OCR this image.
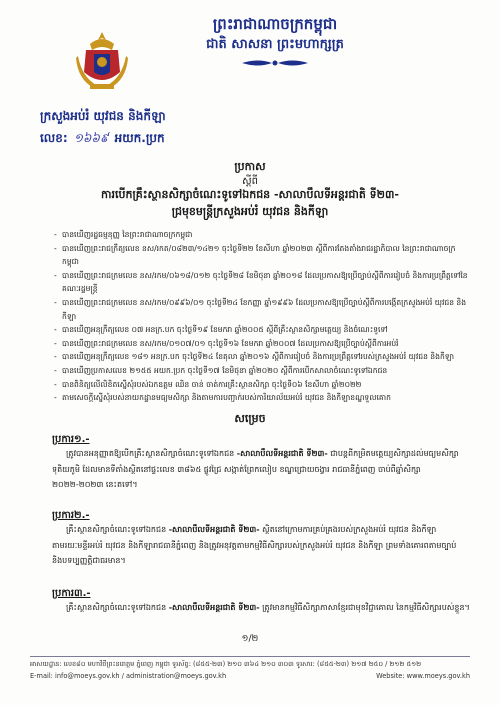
ព្រះរាជាណាចក្រកម្ពុជា
ជាតិ សាសនា ព្រះមហាក្សត្រ
ក្រសួងអប់រំ យុវជន និងកីឡា
លេខ: ១៦៦៩ អយក.ប្រក
ប្រកាស
ស្តីពី
ការបើកគ្រឹះស្ថានសិក្សាចំណេះទូទៅឯកជន -សាលាបឹលទីអន្តរជាតិ ទី២៣-
ជ្រមុខមន្ត្រីក្រសួងអប់រំ យុវជន និងកីឡា
- បានឃើញរដ្ឋធម្មនុញ្ញ នៃព្រះរាជាណាចក្រកម្ពុជា
- បានឃើញព្រះរាជក្រឹត្យលេខ នស/រកត/០៨២៣/១៤២១ ចុះថ្ងៃទី២២ ខែសីហា ឆ្នាំ២០២៣ ស្តីពីការតែងតាំងរាជរដ្ឋាភិបាល នៃព្រះរាជាណាចក្រកម្ពុជា
- បានឃើញព្រះរាជក្រមលេខ នស/រកម/០៦១៨/០១២ ចុះថ្ងៃទី២៨ ខែមិថុនា ឆ្នាំ២០១៨ ដែលប្រកាសឱ្យប្រើច្បាប់ស្តីពីការរៀបចំ និងការប្រព្រឹត្តទៅនៃគណៈរដ្ឋមន្ត្រី
- បានឃើញព្រះរាជក្រមលេខ នស/រកម/០៩៩៦/០១ ចុះថ្ងៃទី២៤ ខែកញ្ញា ឆ្នាំ១៩៩៦ ដែលប្រកាសឱ្យប្រើច្បាប់ស្តីពីការបង្កើតក្រសួងអប់រំ យុវជន និងកីឡា
- បានឃើញអនុក្រឹត្យលេខ ០៧ អនក្រ.បក ចុះថ្ងៃទី១៩ ខែមករា ឆ្នាំ២០០៥ ស្តីពីគ្រឹះស្ថានសិក្សាមត្តេយ្យ និងចំណេះទូទៅ
- បានឃើញព្រះរាជក្រមលេខ នស/រកម/០១០៧/០១ ចុះថ្ងៃទី១៦ ខែមករា ឆ្នាំ២០០៧ ដែលប្រកាសឱ្យប្រើច្បាប់ស្តីពីការអប់រំ
- បានឃើញអនុក្រឹត្យលេខ ១៨១ អនក្រ.បក ចុះថ្ងៃទី២៤ ខែតុលា ឆ្នាំ២០១៦ ស្តីពីការរៀបចំ និងការប្រព្រឹត្តទៅរបស់ក្រសួងអប់រំ យុវជន និងកីឡា
- បានឃើញប្រកាសលេខ ២១៥៥ អយក.ប្រក ចុះថ្ងៃទី១៧ ខែមិថុនា ឆ្នាំ២០២០ ស្តីពីការបើកសាលាចំណេះទូទៅឯកជន
- បានពិនិត្យលើលិខិតស្នើសុំរបស់ឯកឧត្តម ឈិន ចាន់ ចាត់ការគ្រឹះស្ថានសិក្សា ចុះថ្ងៃទី០៦ ខែសីហា ឆ្នាំ២០២២
- តាមសេចក្តីស្នើសុំរបស់នាយកដ្ឋានមធ្យមសិក្សា និងតាមការបញ្ជាក់របស់ការិយាល័យអប់រំ យុវជន និងកីឡាខណ្ឌទួលគោក
សម្រេច
ប្រការ១.-
ត្រូវបានអនុញ្ញាតឱ្យបើកគ្រឹះស្ថានសិក្សាចំណេះទូទៅឯកជន -សាលាបឹលទីអន្តរជាតិ ទី២៣- ជាបន្តពីកម្រិតមត្តេយ្យសិក្សាដល់មធ្យមសិក្សាទុតិយភូមិ ដែលមានទីតាំងស្ថិតនៅផ្ទះលេខ ៣៨៦៥ ផ្លូវជ្រៃ សង្កាត់ព្រែកលៀប ខណ្ឌជ្រោយចង្វារ រាជធានីភ្នំពេញ ចាប់ពីឆ្នាំសិក្សា ២០២២-២០២៣ នេះតទៅ។
ប្រការ២.-
គ្រឹះស្ថានសិក្សាចំណេះទូទៅឯកជន -សាលាបឹលទីអន្តរជាតិ ទី២៣- ស្ថិតនៅក្រោមការគ្រប់គ្រងរបស់ក្រសួងអប់រំ យុវជន និងកីឡាតាមរយៈមន្ទីរអប់រំ យុវជន និងកីឡារាជធានីភ្នំពេញ និងត្រូវអនុវត្តតាមកម្មវិធីសិក្សារបស់ក្រសួងអប់រំ យុវជន និងកីឡា ព្រមទាំងគោរពតាមច្បាប់ និងបទប្បញ្ញត្តិជាធរមាន។
ប្រការ៣.-
គ្រឹះស្ថានសិក្សាចំណេះទូទៅឯកជន -សាលាបឹលទីអន្តរជាតិ ទី២៣- ត្រូវមានកម្មវិធីសិក្សាភាសាខ្មែរជាមុខវិជ្ជាគោល នៃកម្មវិធីសិក្សារបស់ខ្លួន។
១/២
អាសយដ្ឋាន: លេខ៨០ មហាវិថីព្រះនរោត្តម ភ្នំពេញ កម្ពុជា ទូរស័ព្ទ: (៨៥៥-២៣) ២១០ ៣៦៤ ២១០ ៣០៣ ទូរសារ: (៨៥៥-២៣) ២១៧ ២៥០ / ២១២ ៥១២
E-mail: info@moeys.gov.kh / administration@moeys.gov.kh	Website: www.moeys.gov.kh
